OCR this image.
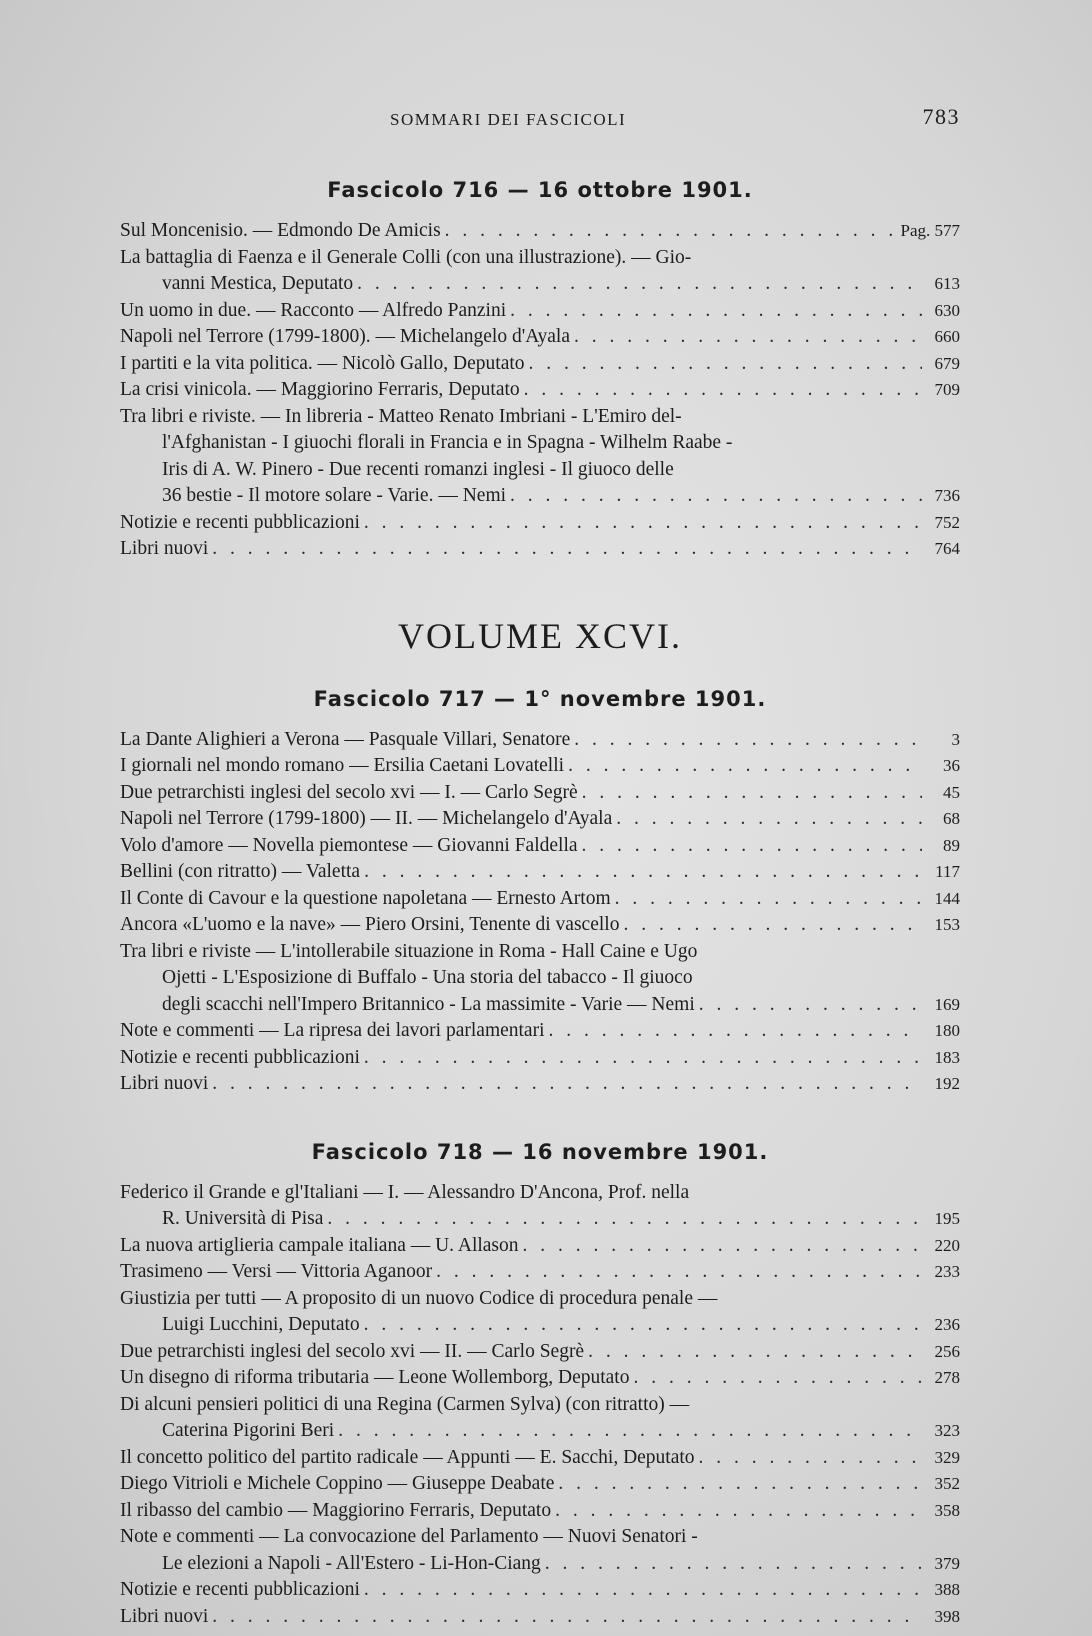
SOMMARI DEI FASCICOLI	783
Fascicolo 716 — 16 ottobre 1901.
Sul Moncenisio. — Edmondo De Amicis . . .	Pag. 577
La battaglia di Faenza e il Generale Colli (con una illustrazione). — Gio-
vanni Mestica, Deputato . . .	613
Un uomo in due. — Racconto — Alfredo Panzini . . .	630
Napoli nel Terrore (1799-1800). — Michelangelo d'Ayala . . .	660
I partiti e la vita politica. — Nicolò Gallo, Deputato . . .	679
La crisi vinicola. — Maggiorino Ferraris, Deputato . . .	709
Tra libri e riviste. — In libreria - Matteo Renato Imbriani - L'Emiro del-
l'Afghanistan - I giuochi florali in Francia e in Spagna - Wilhelm Raabe -
Iris di A. W. Pinero - Due recenti romanzi inglesi - Il giuoco delle
36 bestie - Il motore solare - Varie. — Nemi . . .	736
Notizie e recenti pubblicazioni . . .	752
Libri nuovi . . .	764
VOLUME XCVI.
Fascicolo 717 — 1° novembre 1901.
La Dante Alighieri a Verona — Pasquale Villari, Senatore . . .	3
I giornali nel mondo romano — Ersilia Caetani Lovatelli . . .	36
Due petrarchisti inglesi del secolo xvi — I. — Carlo Segrè . . .	45
Napoli nel Terrore (1799-1800) — II. — Michelangelo d'Ayala . . .	68
Volo d'amore — Novella piemontese — Giovanni Faldella . . .	89
Bellini (con ritratto) — Valetta . . .	117
Il Conte di Cavour e la questione napoletana — Ernesto Artom . . .	144
Ancora «L'uomo e la nave» — Piero Orsini, Tenente di vascello . . .	153
Tra libri e riviste — L'intollerabile situazione in Roma - Hall Caine e Ugo
Ojetti - L'Esposizione di Buffalo - Una storia del tabacco - Il giuoco
degli scacchi nell'Impero Britannico - La massimite - Varie — Nemi . . .	169
Note e commenti — La ripresa dei lavori parlamentari . . .	180
Notizie e recenti pubblicazioni . . .	183
Libri nuovi . . .	192
Fascicolo 718 — 16 novembre 1901.
Federico il Grande e gl'Italiani — I. — Alessandro D'Ancona, Prof. nella
R. Università di Pisa . . .	195
La nuova artiglieria campale italiana — U. Allason . . .	220
Trasimeno — Versi — Vittoria Aganoor . . .	233
Giustizia per tutti — A proposito di un nuovo Codice di procedura penale —
Luigi Lucchini, Deputato . . .	236
Due petrarchisti inglesi del secolo xvi — II. — Carlo Segrè . . .	256
Un disegno di riforma tributaria — Leone Wollemborg, Deputato . . .	278
Di alcuni pensieri politici di una Regina (Carmen Sylva) (con ritratto) —
Caterina Pigorini Beri . . .	323
Il concetto politico del partito radicale — Appunti — E. Sacchi, Deputato . . .	329
Diego Vitrioli e Michele Coppino — Giuseppe Deabate . . .	352
Il ribasso del cambio — Maggiorino Ferraris, Deputato . . .	358
Note e commenti — La convocazione del Parlamento — Nuovi Senatori -
Le elezioni a Napoli - All'Estero - Li-Hon-Ciang . . .	379
Notizie e recenti pubblicazioni . . .	388
Libri nuovi . . .	398
